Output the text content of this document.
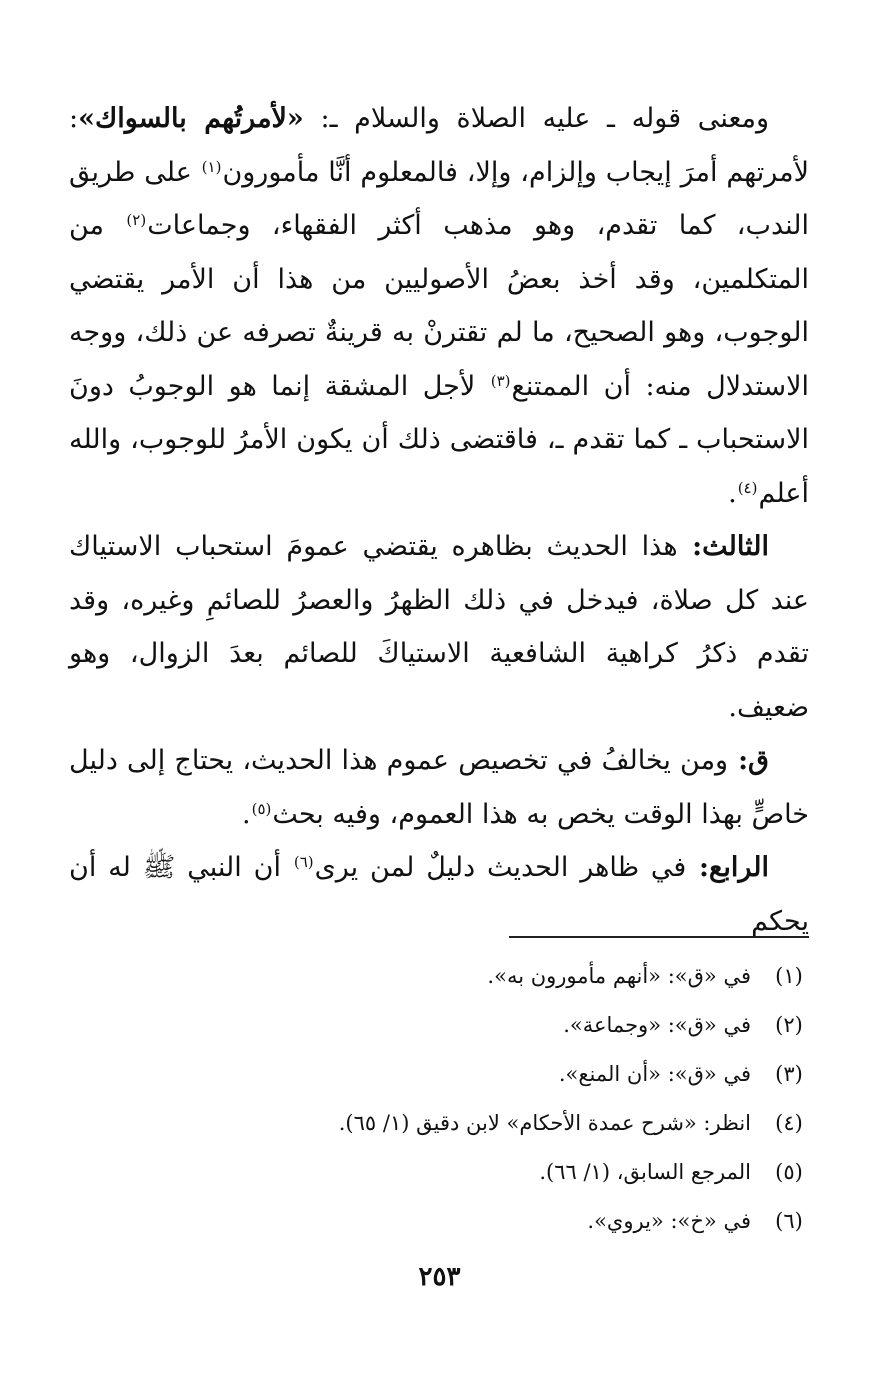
ومعنى قوله ـ عليه الصلاة والسلام ـ: «لأمرتُهم بالسواك»: لأمرتهم أمرَ إيجاب وإلزام، وإلا، فالمعلوم أنَّا مأمورون$^{(١)}$ على طريق الندب، كما تقدم، وهو مذهب أكثر الفقهاء، وجماعات$^{(٢)}$ من المتكلمين، وقد أخذ بعضُ الأصوليين من هذا أن الأمر يقتضي الوجوب، وهو الصحيح، ما لم تقترنْ به قرينةٌ تصرفه عن ذلك، ووجه الاستدلال منه: أن الممتنع$^{(٣)}$ لأجل المشقة إنما هو الوجوبُ دونَ الاستحباب ـ كما تقدم ـ، فاقتضى ذلك أن يكون الأمرُ للوجوب، والله أعلم$^{(٤)}$.

الثالث: هذا الحديث بظاهره يقتضي عمومَ استحباب الاستياك عند كل صلاة، فيدخل في ذلك الظهرُ والعصرُ للصائمِ وغيره، وقد تقدم ذكرُ كراهية الشافعية الاستياكَ للصائم بعدَ الزوال، وهو ضعيف.

ق: ومن يخالفُ في تخصيص عموم هذا الحديث، يحتاج إلى دليل خاصٍّ بهذا الوقت يخص به هذا العموم، وفيه بحث$^{(٥)}$.

الرابع: في ظاهر الحديث دليلٌ لمن يرى$^{(٦)}$ أن النبي ﷺ له أن يحكم

(١)
في «ق»: «أنهم مأمورون به».
(٢)
في «ق»: «وجماعة».
(٣)
في «ق»: «أن المنع».
(٤)
انظر: «شرح عمدة الأحكام» لابن دقيق (١/ ٦٥).
(٥)
المرجع السابق، (١/ ٦٦).
(٦)
في «خ»: «يروي».
٢٥٣
